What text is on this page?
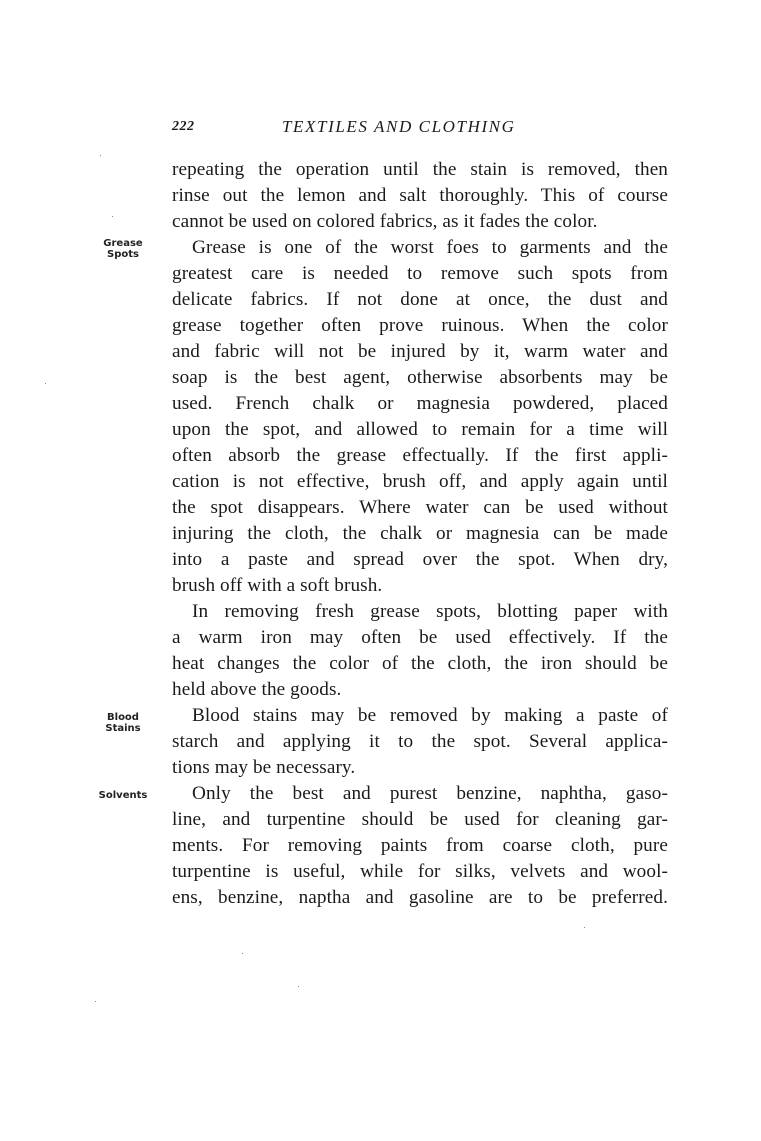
222	TEXTILES AND CLOTHING
Grease
Spots
Blood
Stains
Solvents
repeating the operation until the stain is removed, then
rinse out the lemon and salt thoroughly. This of course
cannot be used on colored fabrics, as it fades the color.
Grease is one of the worst foes to garments and the
greatest care is needed to remove such spots from
delicate fabrics. If not done at once, the dust and
grease together often prove ruinous. When the color
and fabric will not be injured by it, warm water and
soap is the best agent, otherwise absorbents may be
used. French chalk or magnesia powdered, placed
upon the spot, and allowed to remain for a time will
often absorb the grease effectually. If the first appli-
cation is not effective, brush off, and apply again until
the spot disappears. Where water can be used without
injuring the cloth, the chalk or magnesia can be made
into a paste and spread over the spot. When dry,
brush off with a soft brush.
In removing fresh grease spots, blotting paper with
a warm iron may often be used effectively. If the
heat changes the color of the cloth, the iron should be
held above the goods.
Blood stains may be removed by making a paste of
starch and applying it to the spot. Several applica-
tions may be necessary.
Only the best and purest benzine, naphtha, gaso-
line, and turpentine should be used for cleaning gar-
ments. For removing paints from coarse cloth, pure
turpentine is useful, while for silks, velvets and wool-
ens, benzine, naptha and gasoline are to be preferred.
